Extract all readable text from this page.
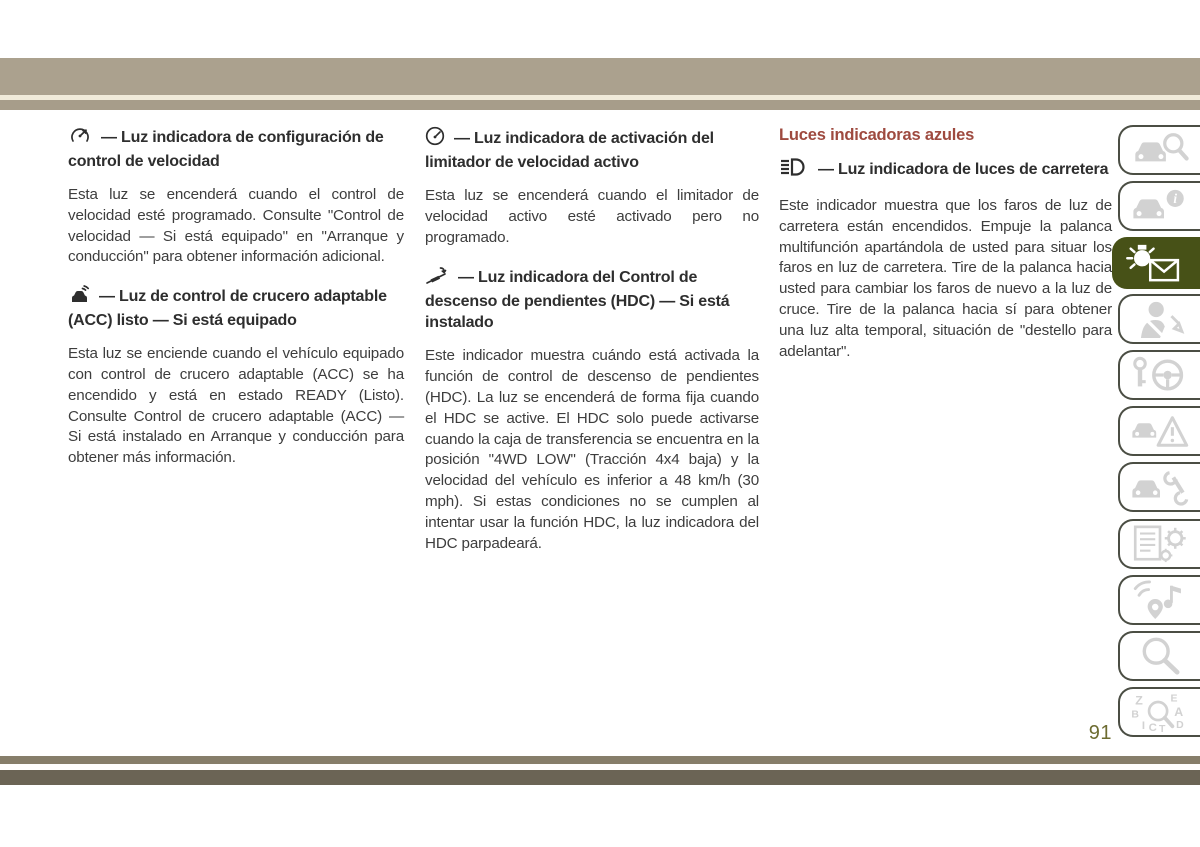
— Luz indicadora de configuración de control de velocidad

Esta luz se encenderá cuando el control de velocidad esté programado. Consulte "Control de velocidad — Si está equipado" en "Arranque y conducción" para obtener información adicional.

— Luz de control de crucero adaptable (ACC) listo — Si está equipado

Esta luz se enciende cuando el vehículo equipado con control de crucero adaptable (ACC) se ha encendido y está en estado READY (Listo). Consulte Control de crucero adaptable (ACC) — Si está instalado en Arranque y conducción para obtener más información.

— Luz indicadora de activación del limitador de velocidad activo

Esta luz se encenderá cuando el limitador de velocidad activo esté activado pero no programado.

— Luz indicadora del Control de descenso de pendientes (HDC) — Si está instalado

Este indicador muestra cuándo está activada la función de control de descenso de pendientes (HDC). La luz se encenderá de forma fija cuando el HDC se active. El HDC solo puede activarse cuando la caja de transferencia se encuentra en la posición "4WD LOW" (Tracción 4x4 baja) y la velocidad del vehículo es inferior a 48 km/h (30 mph). Si estas condiciones no se cumplen al intentar usar la función HDC, la luz indicadora del HDC parpadeará.

Luces indicadoras azules
— Luz indicadora de luces de carretera

Este indicador muestra que los faros de luz de carretera están encendidos. Empuje la palanca multifunción apartándola de usted para situar los faros en luz de carretera. Tire de la palanca hacia usted para cambiar los faros de nuevo a la luz de cruce. Tire de la palanca hacia sí para obtener una luz alta temporal, situación de "destello para adelantar".

i
Z	E
B	A
D
I C T
91
